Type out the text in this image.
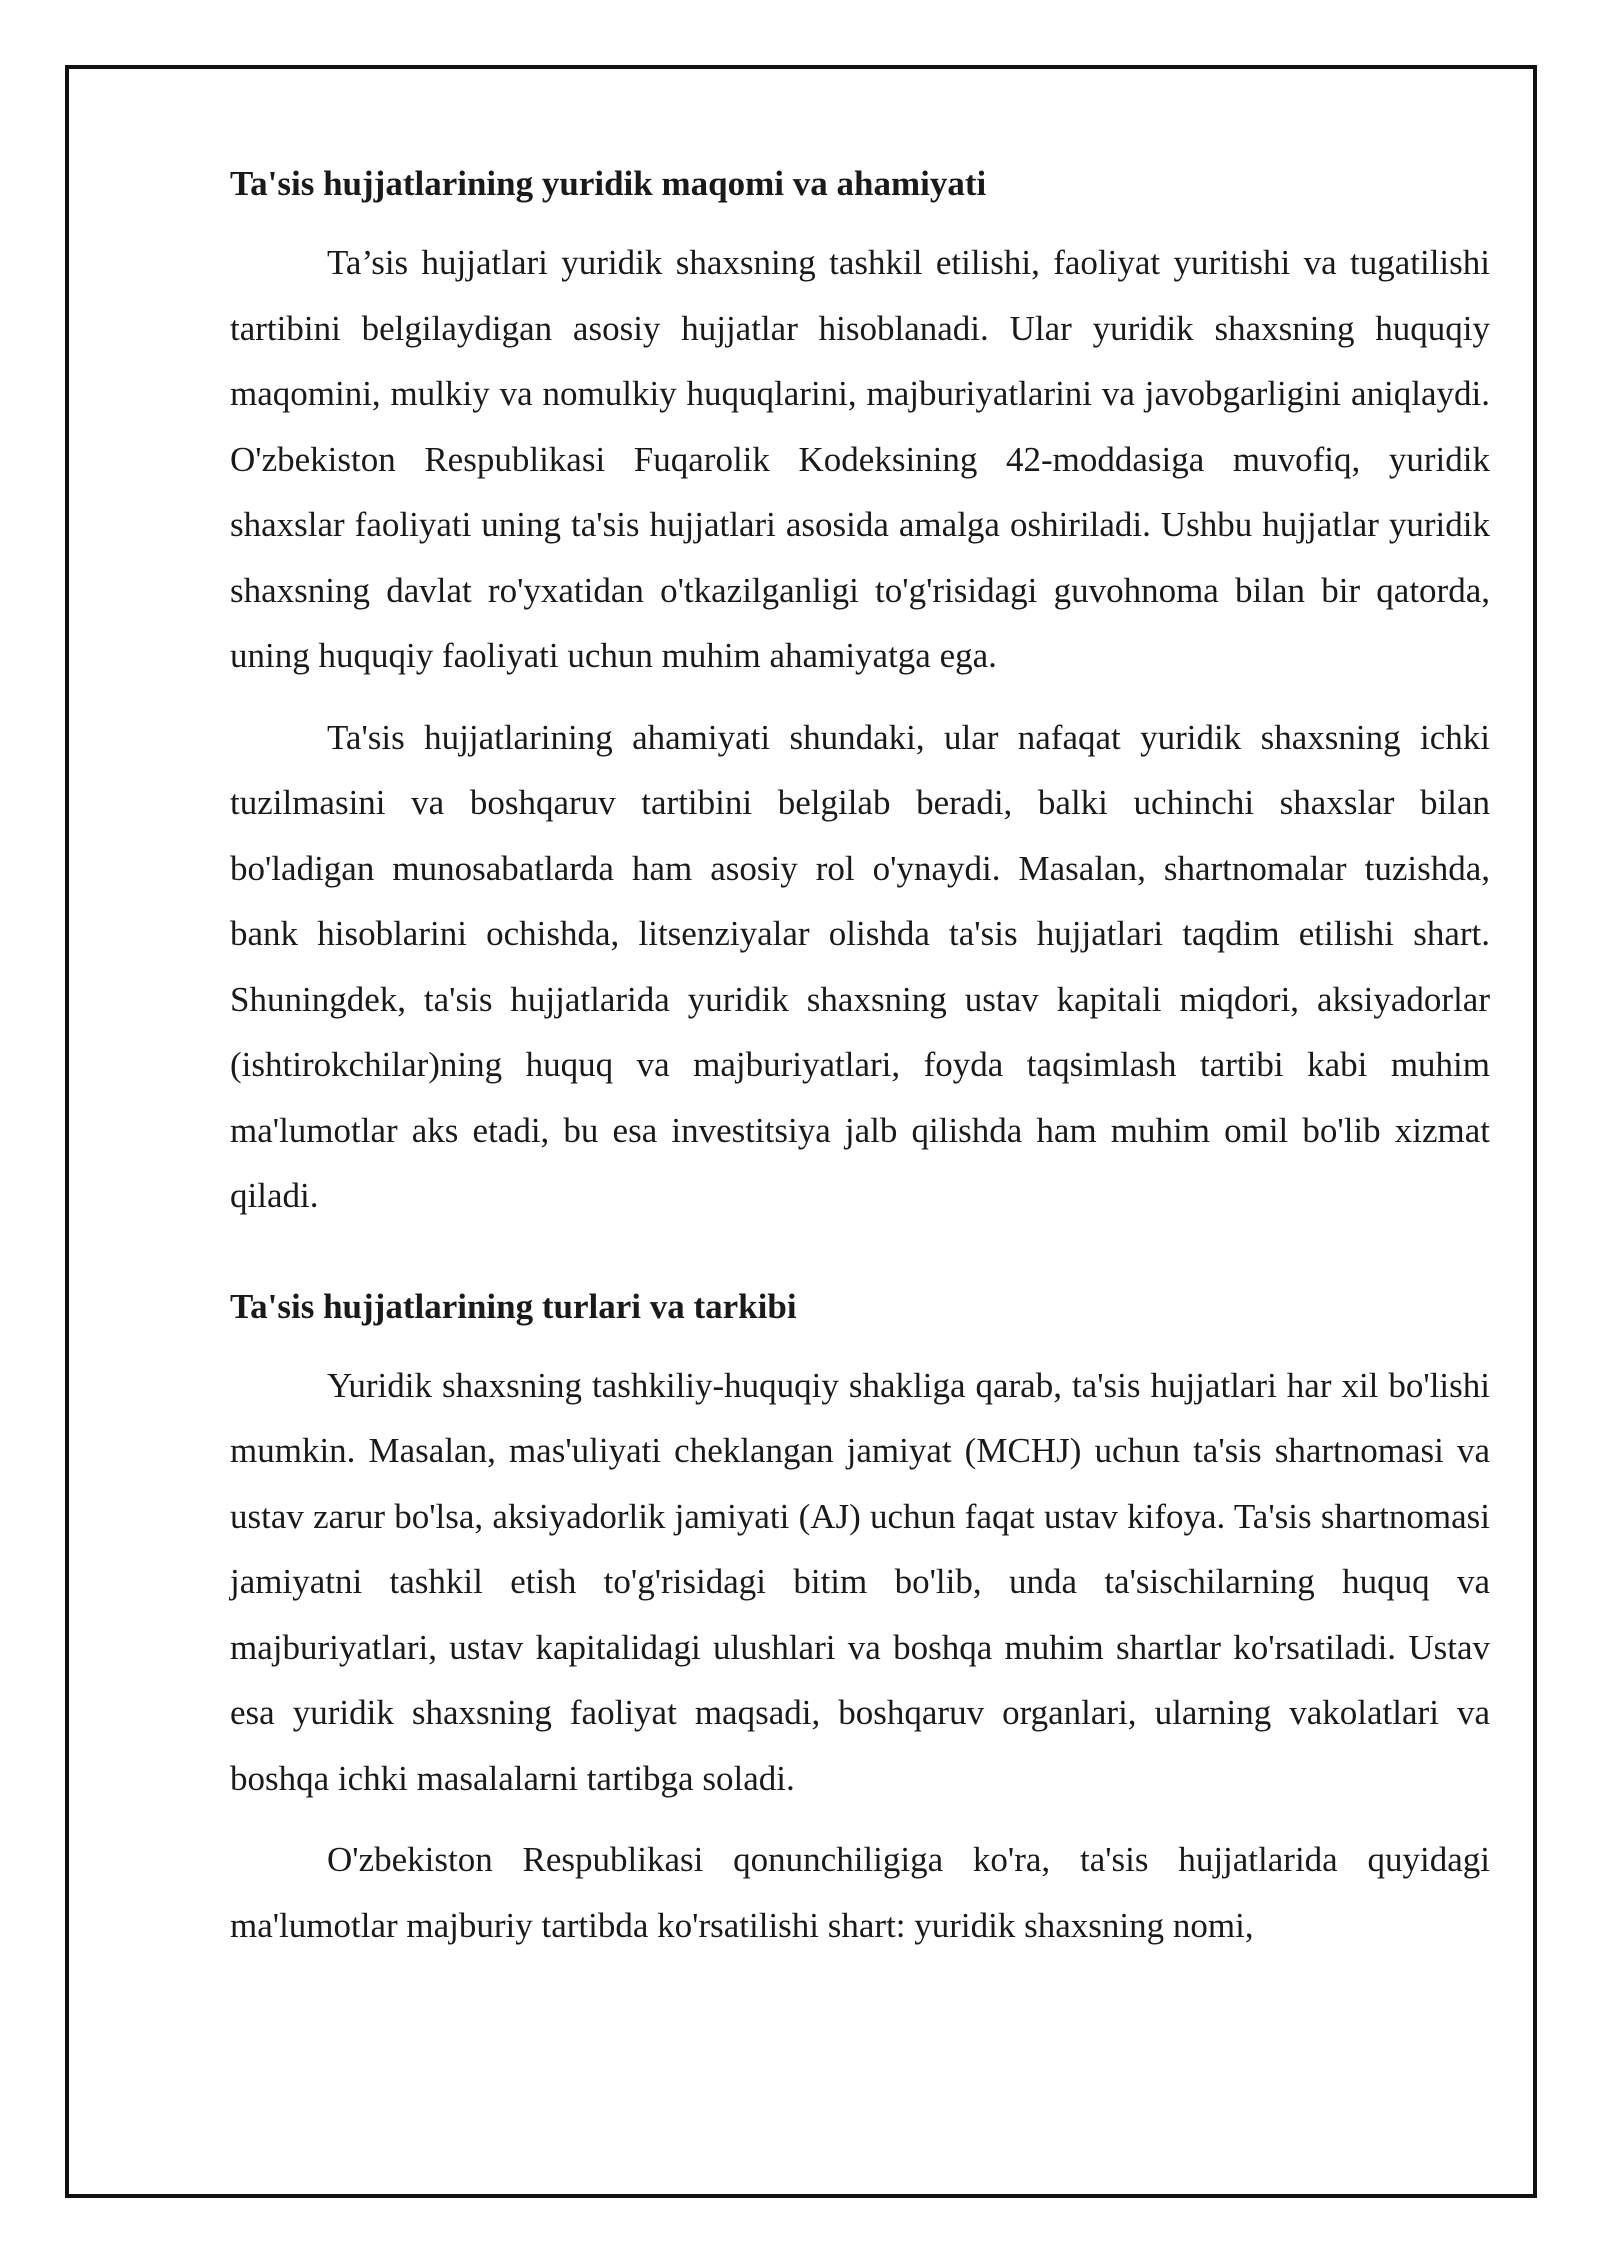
Ta'sis hujjatlarining yuridik maqomi va ahamiyati

Ta’sis hujjatlari yuridik shaxsning tashkil etilishi, faoliyat yuritishi va tugatilishi tartibini belgilaydigan asosiy hujjatlar hisoblanadi. Ular yuridik shaxsning huquqiy maqomini, mulkiy va nomulkiy huquqlarini, majburiyatlarini va javobgarligini aniqlaydi. O'zbekiston Respublikasi Fuqarolik Kodeksining 42-moddasiga muvofiq, yuridik shaxslar faoliyati uning ta'sis hujjatlari asosida amalga oshiriladi. Ushbu hujjatlar yuridik shaxsning davlat ro'yxatidan o'tkazilganligi to'g'risidagi guvohnoma bilan bir qatorda, uning huquqiy faoliyati uchun muhim ahamiyatga ega.

Ta'sis hujjatlarining ahamiyati shundaki, ular nafaqat yuridik shaxsning ichki tuzilmasini va boshqaruv tartibini belgilab beradi, balki uchinchi shaxslar bilan bo'ladigan munosabatlarda ham asosiy rol o'ynaydi. Masalan, shartnomalar tuzishda, bank hisoblarini ochishda, litsenziyalar olishda ta'sis hujjatlari taqdim etilishi shart. Shuningdek, ta'sis hujjatlarida yuridik shaxsning ustav kapitali miqdori, aksiyadorlar (ishtirokchilar)ning huquq va majburiyatlari, foyda taqsimlash tartibi kabi muhim ma'lumotlar aks etadi, bu esa investitsiya jalb qilishda ham muhim omil bo'lib xizmat qiladi.

Ta'sis hujjatlarining turlari va tarkibi

Yuridik shaxsning tashkiliy-huquqiy shakliga qarab, ta'sis hujjatlari har xil bo'lishi mumkin. Masalan, mas'uliyati cheklangan jamiyat (MCHJ) uchun ta'sis shartnomasi va ustav zarur bo'lsa, aksiyadorlik jamiyati (AJ) uchun faqat ustav kifoya. Ta'sis shartnomasi jamiyatni tashkil etish to'g'risidagi bitim bo'lib, unda ta'sischilarning huquq va majburiyatlari, ustav kapitalidagi ulushlari va boshqa muhim shartlar ko'rsatiladi. Ustav esa yuridik shaxsning faoliyat maqsadi, boshqaruv organlari, ularning vakolatlari va boshqa ichki masalalarni tartibga soladi.

O'zbekiston Respublikasi qonunchiligiga ko'ra, ta'sis hujjatlarida quyidagi ma'lumotlar majburiy tartibda ko'rsatilishi shart: yuridik shaxsning nomi,
